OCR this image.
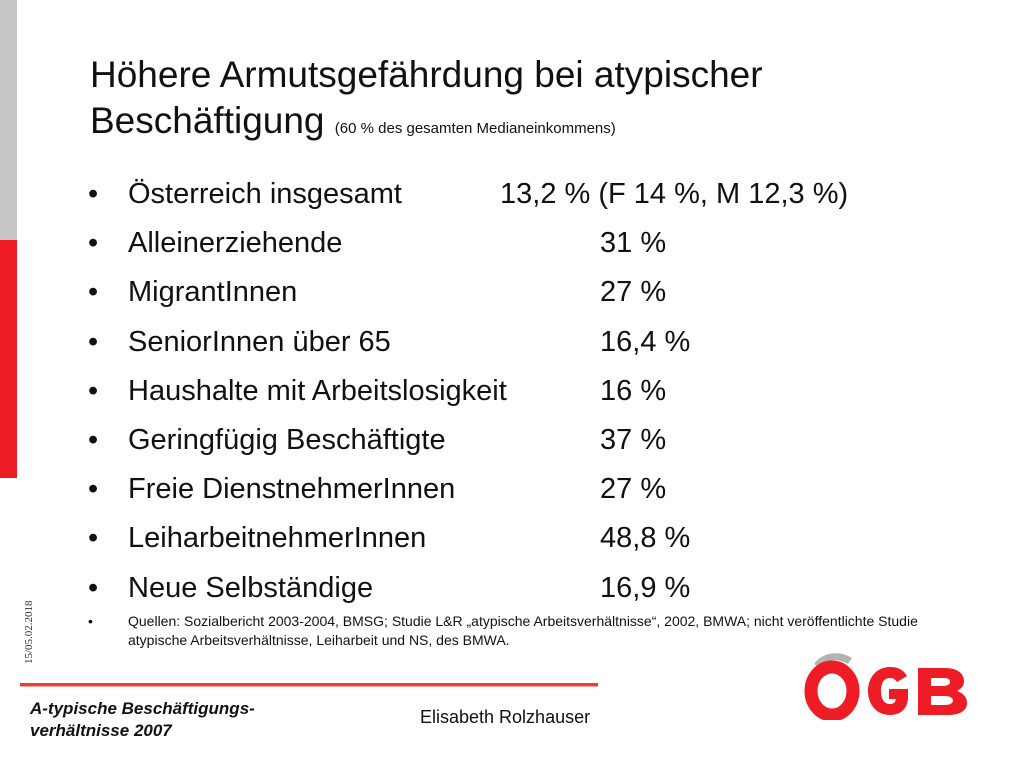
Höhere Armutsgefährdung bei atypischer
Beschäftigung (60 % des gesamten Medianeinkommens)
• Österreich insgesamt	13,2 % (F 14 %, M 12,3 %)
• Alleinerziehende	31 %
• MigrantInnen	27 %
• SeniorInnen über 65	16,4 %
• Haushalte mit Arbeitslosigkeit	16 %
• Geringfügig Beschäftigte	37 %
• Freie DienstnehmerInnen	27 %
• LeiharbeitnehmerInnen	48,8 %
• Neue Selbständige	16,9 %
•	Quellen: Sozialbericht 2003-2004, BMSG; Studie L&R „atypische Arbeitsverhältnisse“, 2002, BMWA; nicht veröffentlichte Studie atypische Arbeitsverhältnisse, Leiharbeit und NS, des BMWA.
15/05.02.2018
A-typische Beschäftigungs-
verhältnisse 2007
Elisabeth Rolzhauser
